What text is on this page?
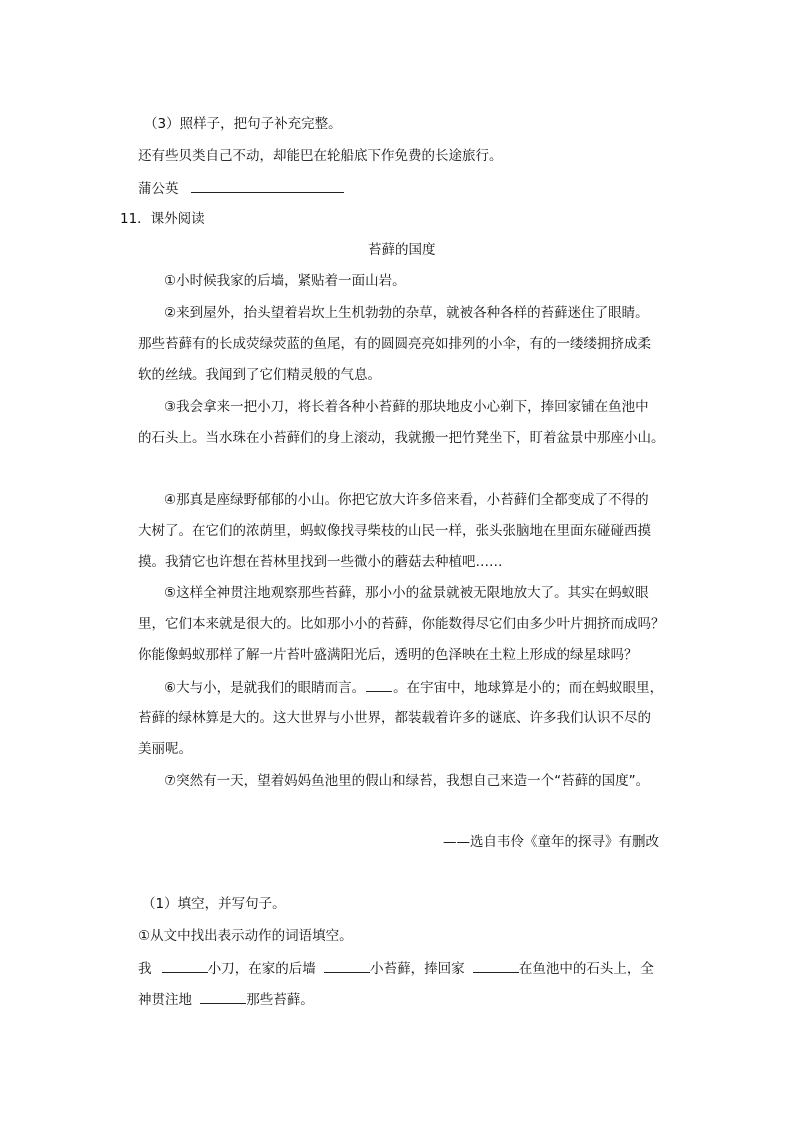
（3）照样子，把句子补充完整。
还有些贝类自己不动，却能巴在轮船底下作免费的长途旅行。
蒲公英
11．课外阅读
苔藓的国度
①小时候我家的后墙，紧贴着一面山岩。
②来到屋外，抬头望着岩坎上生机勃勃的杂草，就被各种各样的苔藓迷住了眼睛。
那些苔藓有的长成荧绿荧蓝的鱼尾，有的圆圆亮亮如排列的小伞，有的一缕缕拥挤成柔
软的丝绒。我闻到了它们精灵般的气息。
③我会拿来一把小刀，将长着各种小苔藓的那块地皮小心剃下，捧回家铺在鱼池中
的石头上。当水珠在小苔藓们的身上滚动，我就搬一把竹凳坐下，盯着盆景中那座小山。
④那真是座绿野郁郁的小山。你把它放大许多倍来看，小苔藓们全都变成了不得的
大树了。在它们的浓荫里，蚂蚁像找寻柴枝的山民一样，张头张脑地在里面东碰碰西摸
摸。我猜它也许想在苔林里找到一些微小的蘑菇去种植吧……
⑤这样全神贯注地观察那些苔藓，那小小的盆景就被无限地放大了。其实在蚂蚁眼
里，它们本来就是很大的。比如那小小的苔藓，你能数得尽它们由多少叶片拥挤而成吗？
你能像蚂蚁那样了解一片苔叶盛满阳光后，透明的色泽映在土粒上形成的绿星球吗？
⑥大与小，是就我们的眼睛而言。 。在宇宙中，地球算是小的；而在蚂蚁眼里，
苔藓的绿林算是大的。这大世界与小世界，都装载着许多的谜底、许多我们认识不尽的
美丽呢。
⑦突然有一天，望着妈妈鱼池里的假山和绿苔，我想自己来造一个“苔藓的国度”。
——选自韦伶《童年的探寻》有删改
（1）填空，并写句子。
①从文中找出表示动作的词语填空。
我	小刀，在家的后墙	小苔藓，捧回家	在鱼池中的石头上，全
神贯注地	那些苔藓。
